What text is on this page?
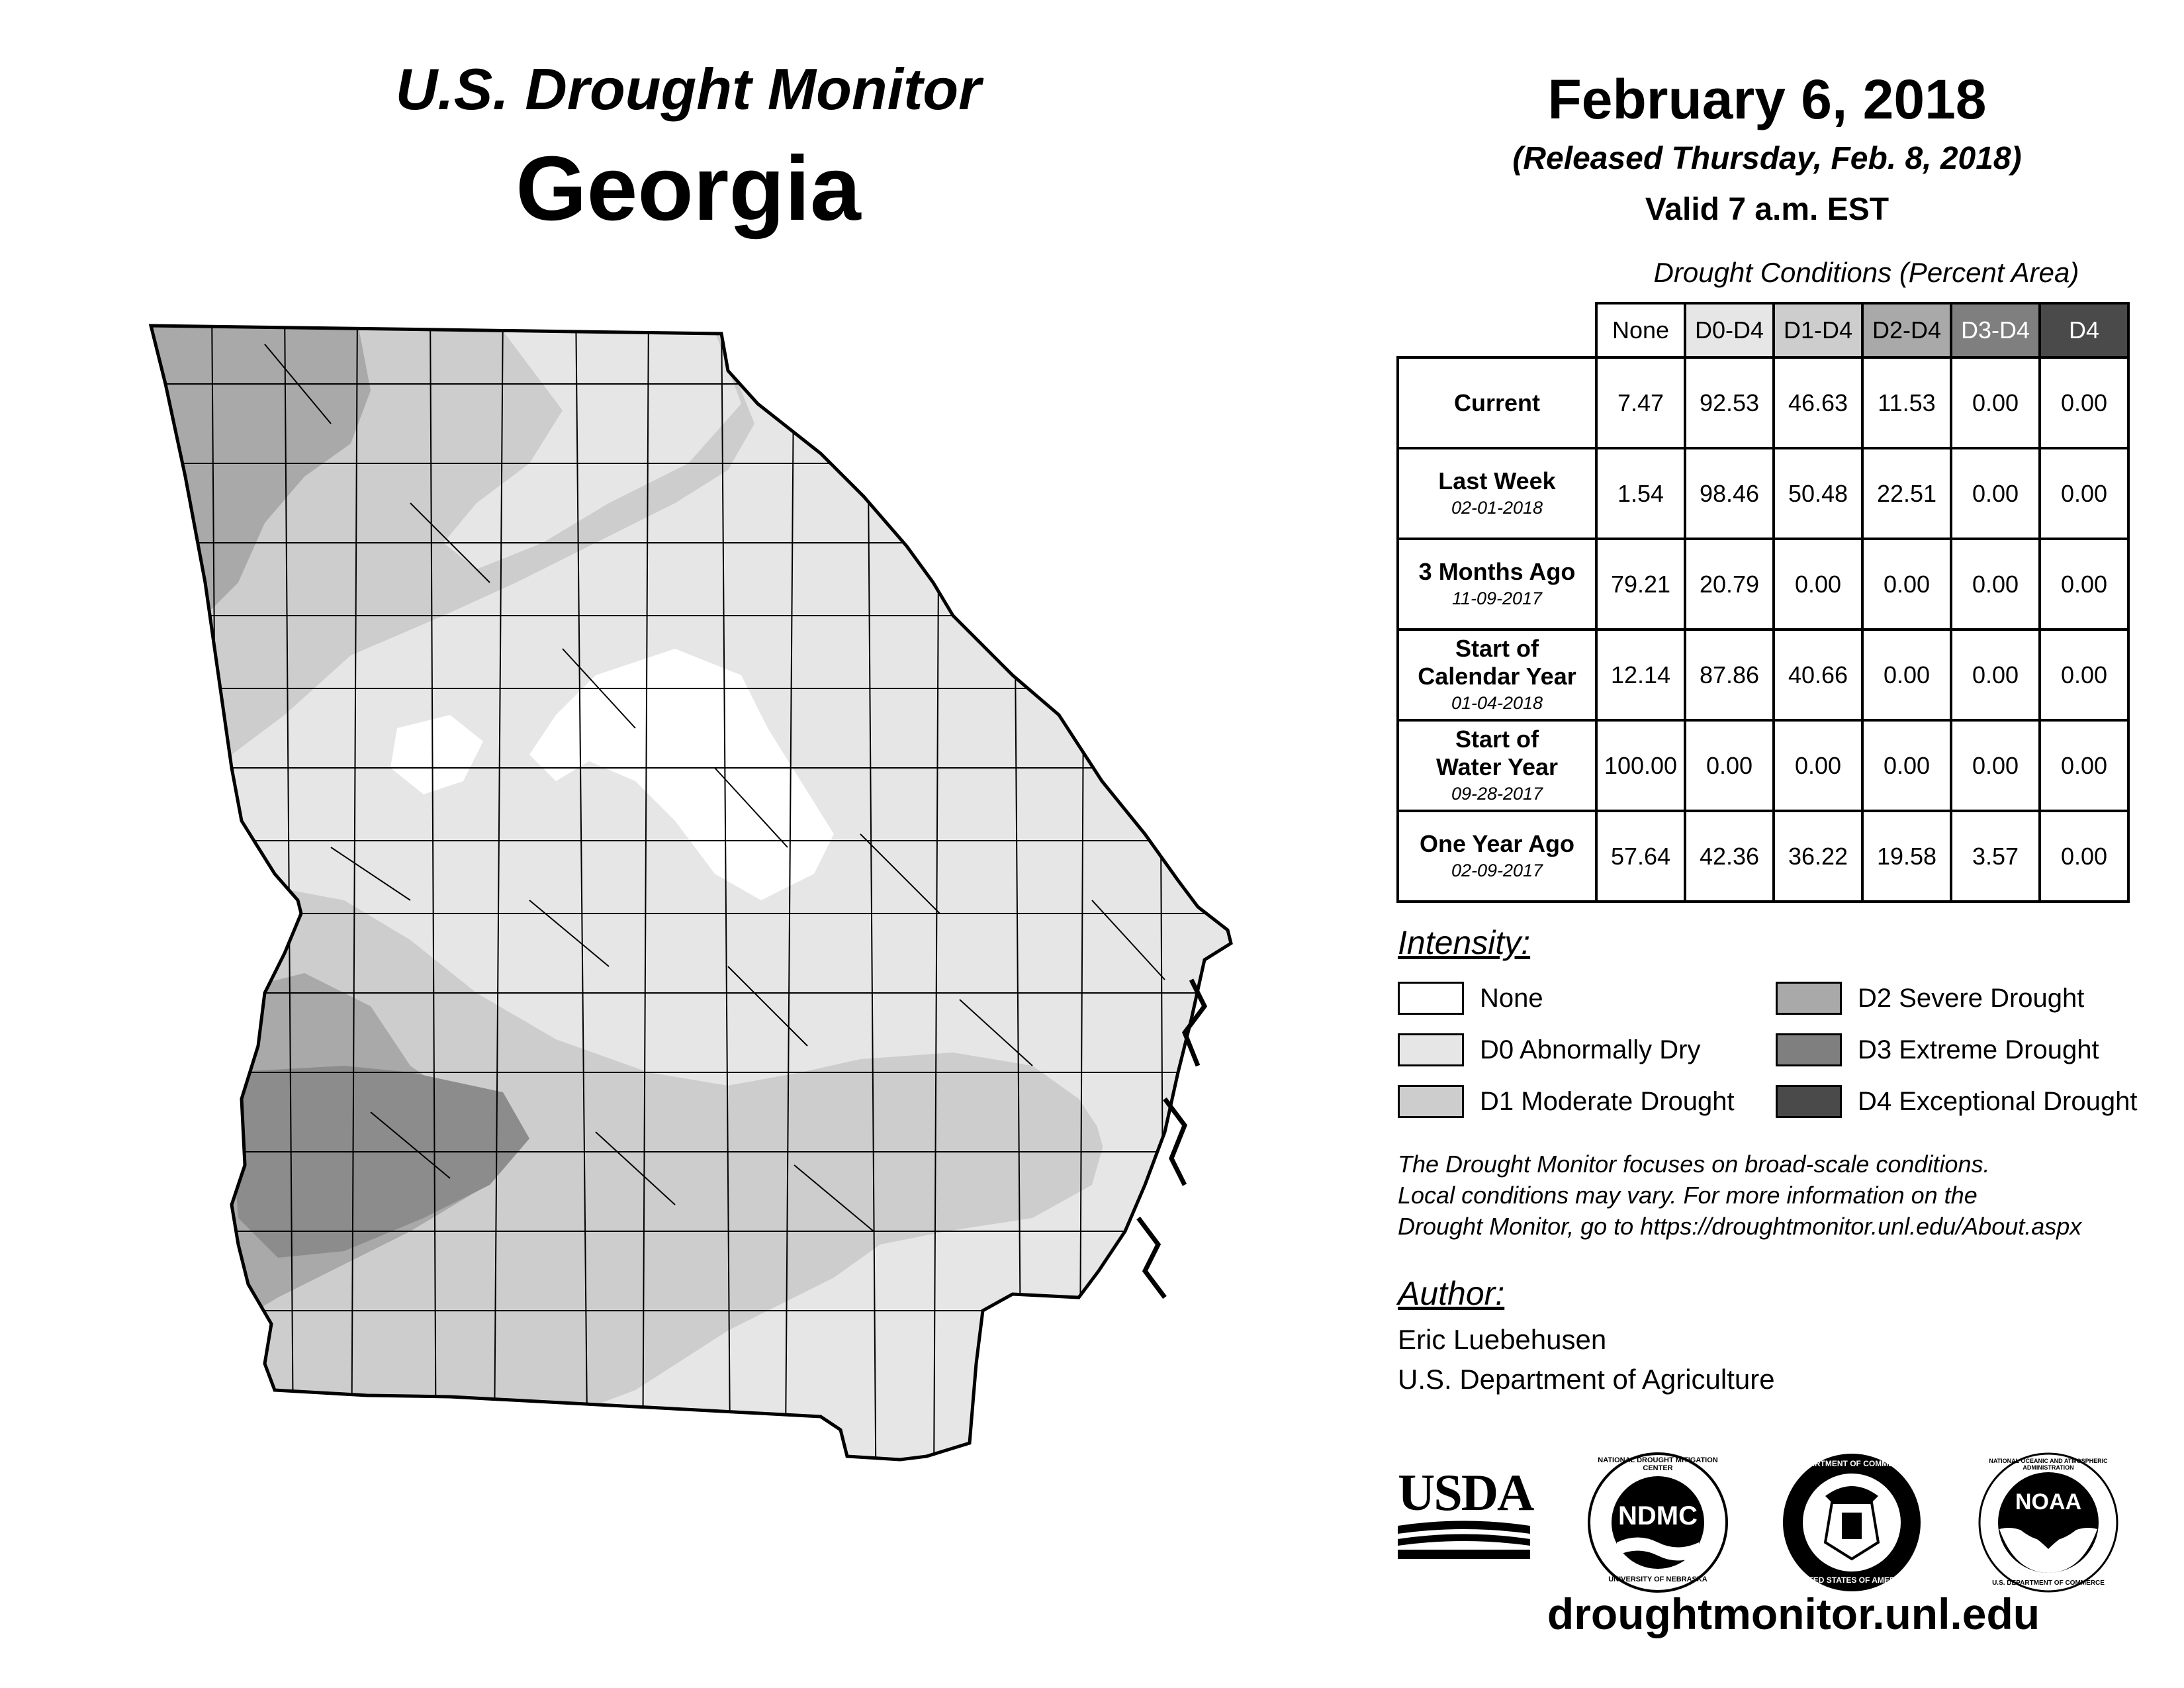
U.S. Drought Monitor
Georgia
February 6, 2018
(Released Thursday, Feb. 8, 2018)
Valid 7 a.m. EST
Drought Conditions (Percent Area)
	None	D0-D4	D1-D4	D2-D4	D3-D4	D4
Current	7.47	92.53	46.63	11.53	0.00	0.00
Last Week
02-01-2018	1.54	98.46	50.48	22.51	0.00	0.00
3 Months Ago
11-09-2017	79.21	20.79	0.00	0.00	0.00	0.00
Start of
Calendar Year
01-04-2018	12.14	87.86	40.66	0.00	0.00	0.00
Start of
Water Year
09-28-2017	100.00	0.00	0.00	0.00	0.00	0.00
One Year Ago
02-09-2017	57.64	42.36	36.22	19.58	3.57	0.00
Intensity:
None
D0 Abnormally Dry
D1 Moderate Drought
D2 Severe Drought
D3 Extreme Drought
D4 Exceptional Drought
The Drought Monitor focuses on broad-scale conditions.
Local conditions may vary. For more information on the
Drought Monitor, go to https://droughtmonitor.unl.edu/About.aspx
Author:
Eric Luebehusen
U.S. Department of Agriculture
USDA	NDMC
NATIONAL DROUGHT MITIGATION CENTER
UNIVERSITY OF NEBRASKA
DEPARTMENT OF COMMERCE
UNITED STATES OF AMERICA
NOAA
NATIONAL OCEANIC AND ATMOSPHERIC ADMINISTRATION
U.S. DEPARTMENT OF COMMERCE
droughtmonitor.unl.edu
